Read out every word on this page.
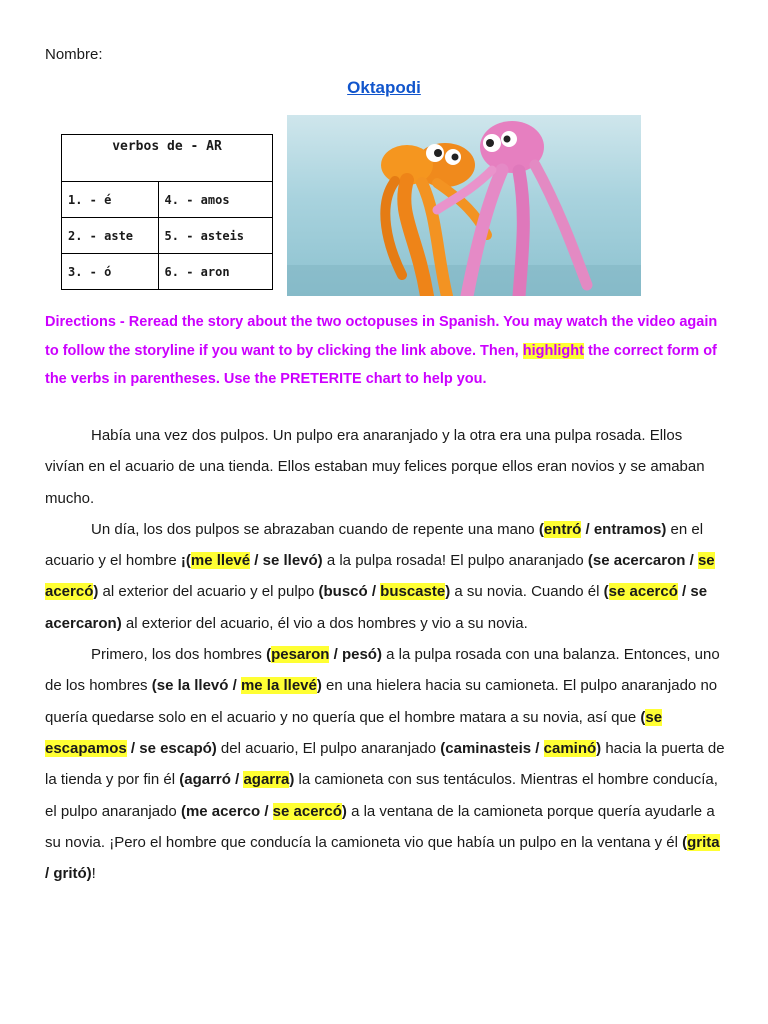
Nombre:
Oktapodi
verbos de - AR	
1. - é	4. - amos
2. - aste	5. - asteis
3. - ó	6. - aron
Directions - Reread the story about the two octopuses in Spanish. You may watch the video again to follow the storyline if you want to by clicking the link above. Then, highlight the correct form of the verbs in parentheses. Use the PRETERITE chart to help you.

Había una vez dos pulpos. Un pulpo era anaranjado y la otra era una pulpa rosada. Ellos vivían en el acuario de una tienda. Ellos estaban muy felices porque ellos eran novios y se amaban mucho.

Un día, los dos pulpos se abrazaban cuando de repente una mano (entró / entramos) en el acuario y el hombre ¡(me llevé / se llevó) a la pulpa rosada! El pulpo anaranjado (se acercaron / se acercó) al exterior del acuario y el pulpo (buscó / buscaste) a su novia. Cuando él (se acercó / se acercaron) al exterior del acuario, él vio a dos hombres y vio a su novia.

Primero, los dos hombres (pesaron / pesó) a la pulpa rosada con una balanza. Entonces, uno de los hombres (se la llevó / me la llevé) en una hielera hacia su camioneta. El pulpo anaranjado no quería quedarse solo en el acuario y no quería que el hombre matara a su novia, así que (se escapamos / se escapó) del acuario, El pulpo anaranjado (caminasteis / caminó) hacia la puerta de la tienda y por fin él (agarró / agarra) la camioneta con sus tentáculos. Mientras el hombre conducía, el pulpo anaranjado (me acerco / se acercó) a la ventana de la camioneta porque quería ayudarle a su novia. ¡Pero el hombre que conducía la camioneta vio que había un pulpo en la ventana y él (grita / gritó)!
